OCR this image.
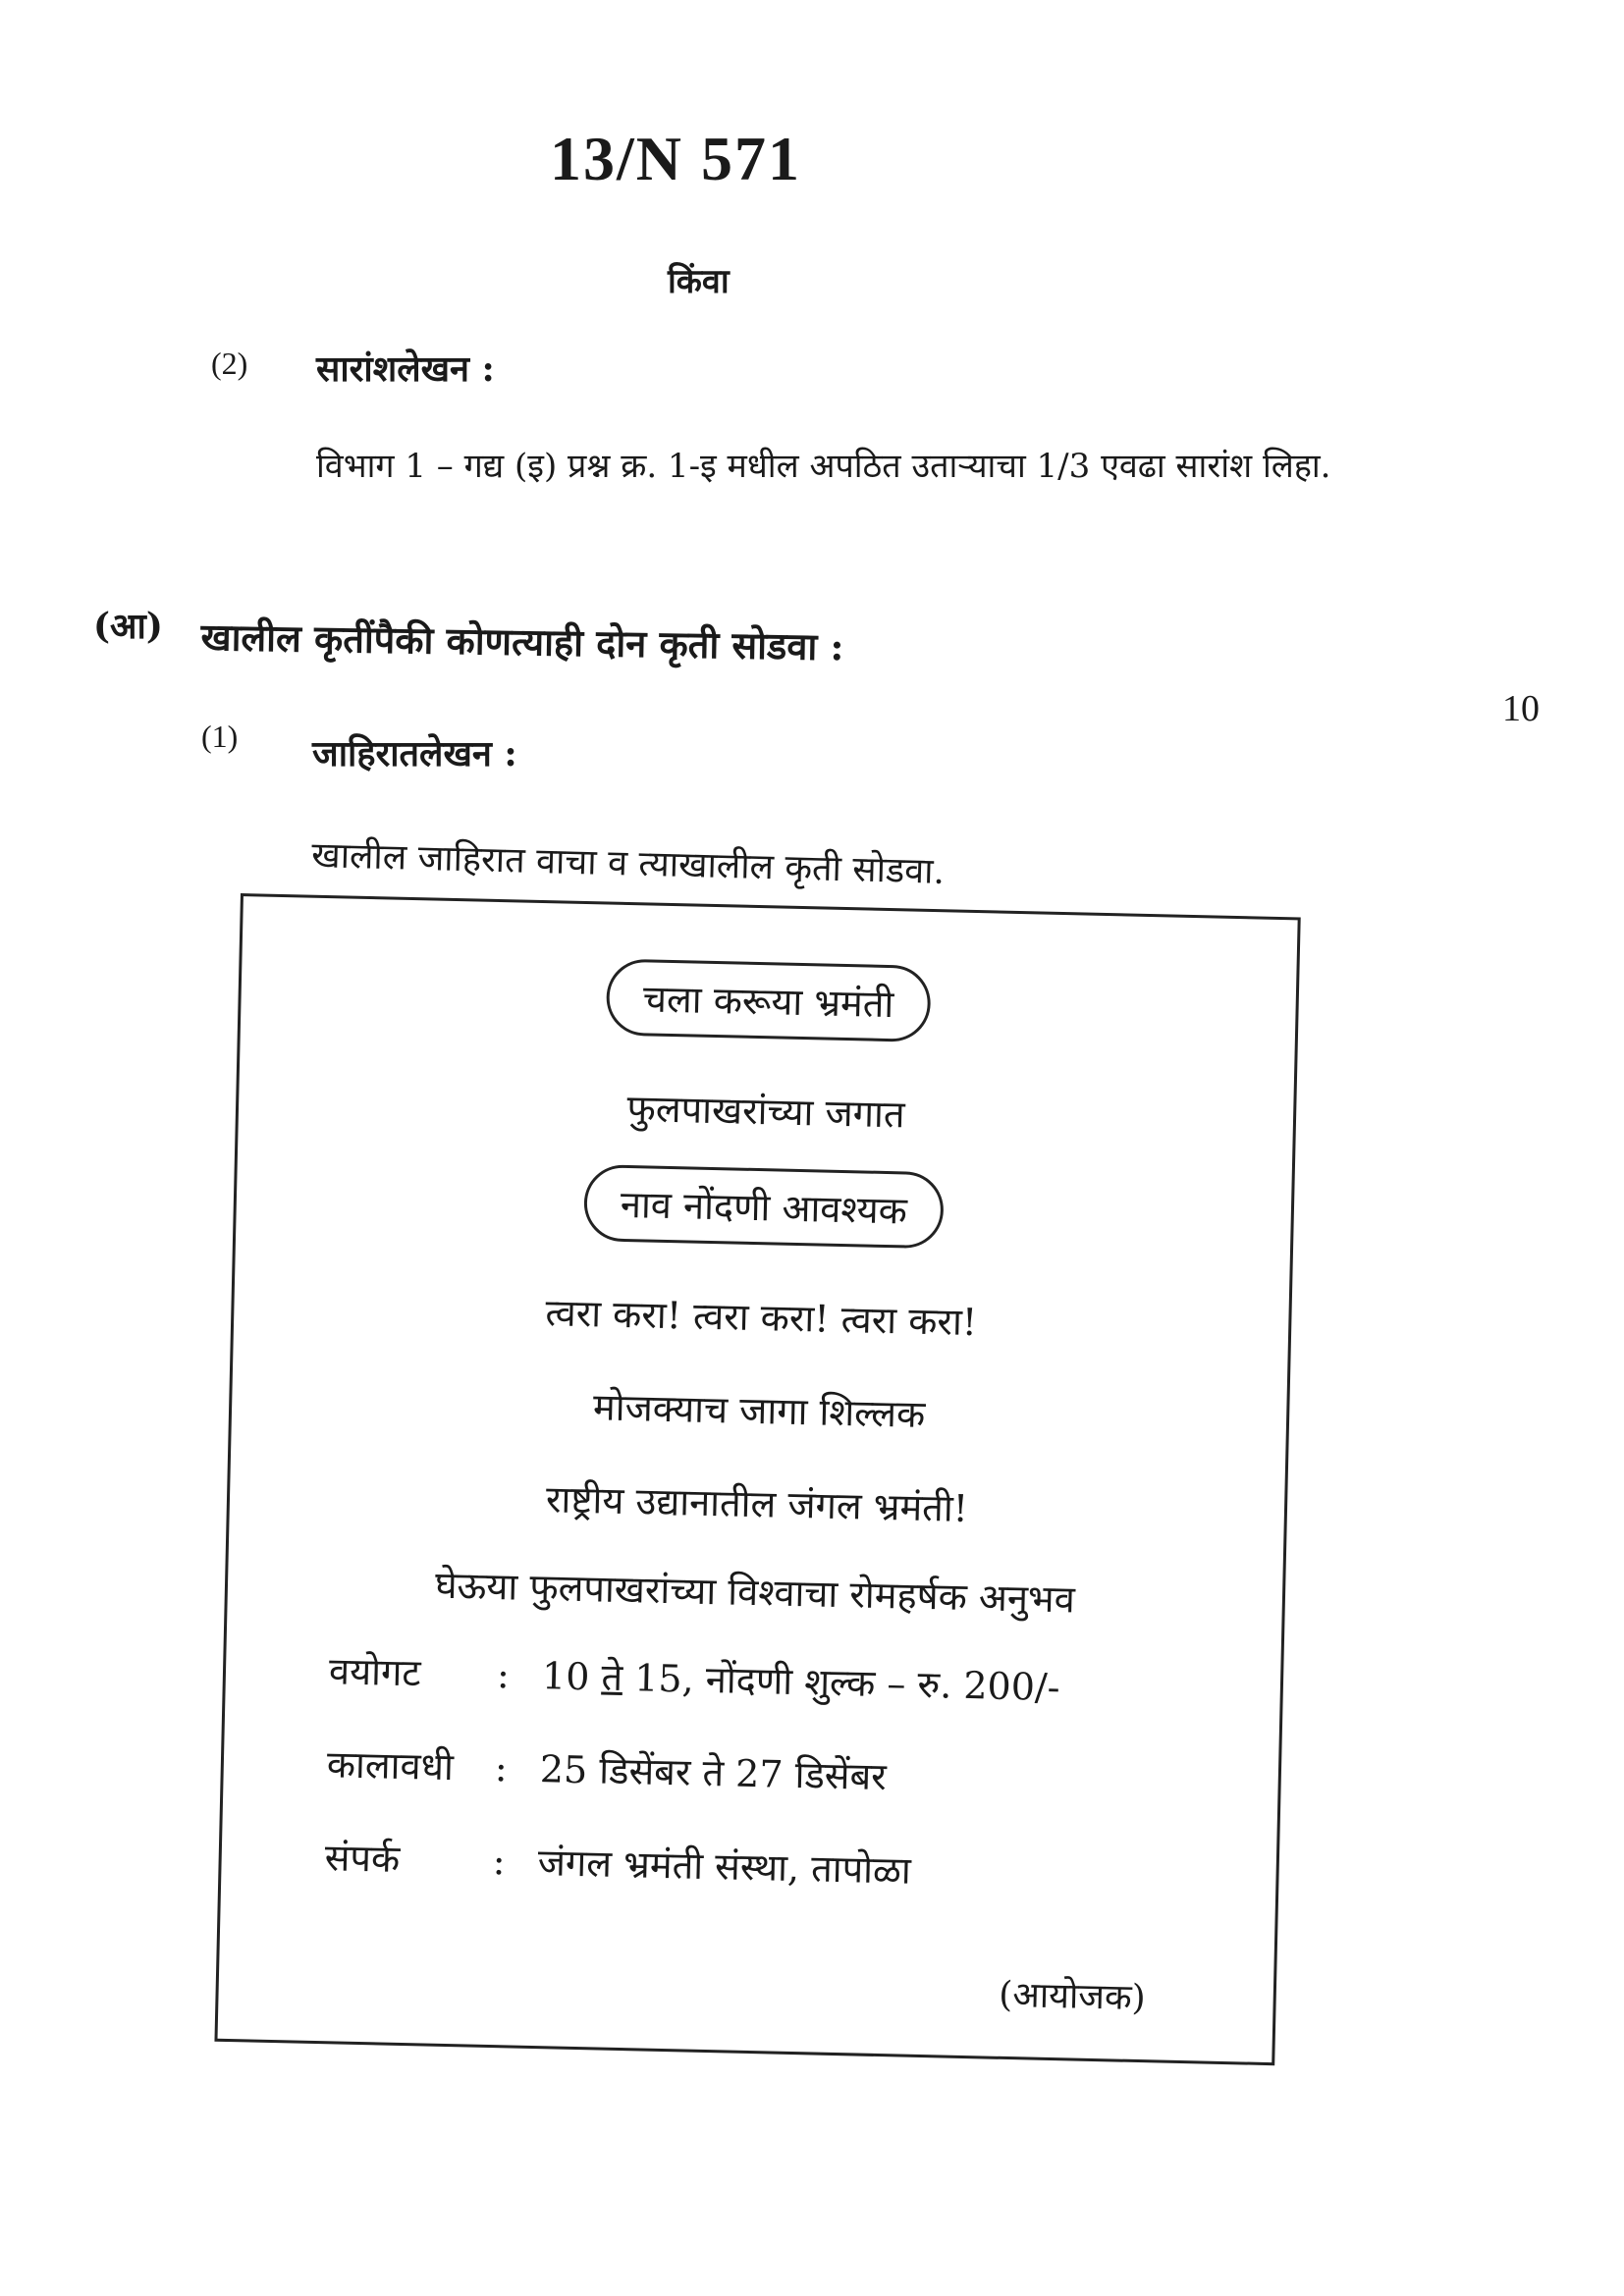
13/N 571
किंवा
(2) सारांशलेखन :
विभाग 1 – गद्य (इ) प्रश्न क्र. 1-इ मधील अपठित उताऱ्याचा 1/3 एवढा सारांश लिहा.
(आ) खालील कृतींपैकी कोणत्याही दोन कृती सोडवा :
10
(1) जाहिरातलेखन :
खालील जाहिरात वाचा व त्याखालील कृती सोडवा.
चला करूया भ्रमंती
फुलपाखरांच्या जगात
नाव नोंदणी आवश्यक
त्वरा करा! त्वरा करा! त्वरा करा!
मोजक्याच जागा शिल्लक
राष्ट्रीय उद्यानातील जंगल भ्रमंती!
घेऊया फुलपाखरांच्या विश्वाचा रोमहर्षक अनुभव
वयोगट : 10 ते 15, नोंदणी शुल्क – रु. 200/-
कालावधी : 25 डिसेंबर ते 27 डिसेंबर
संपर्क : जंगल भ्रमंती संस्था, तापोळा
(आयोजक)
